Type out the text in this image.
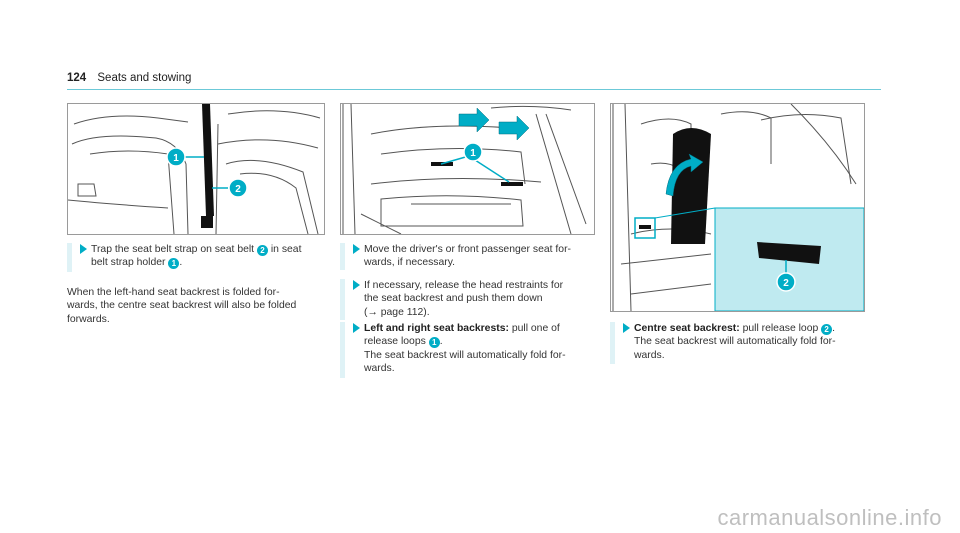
124 Seats and stowing
1
2
1
2
Trap the seat belt strap on seat belt 2 in seat
belt strap holder 1 .
When the left-hand seat backrest is folded for-
wards, the centre seat backrest will also be folded
forwards.
Move the driver's or front passenger seat for-
wards, if necessary.
If necessary, release the head restraints for
the seat backrest and push them down
(→ page 112).
Left and right seat backrests: pull one of
release loops 1 .
The seat backrest will automatically fold for-
wards.
Centre seat backrest: pull release loop 2 .
The seat backrest will automatically fold for-
wards.
carmanualsonline.info
